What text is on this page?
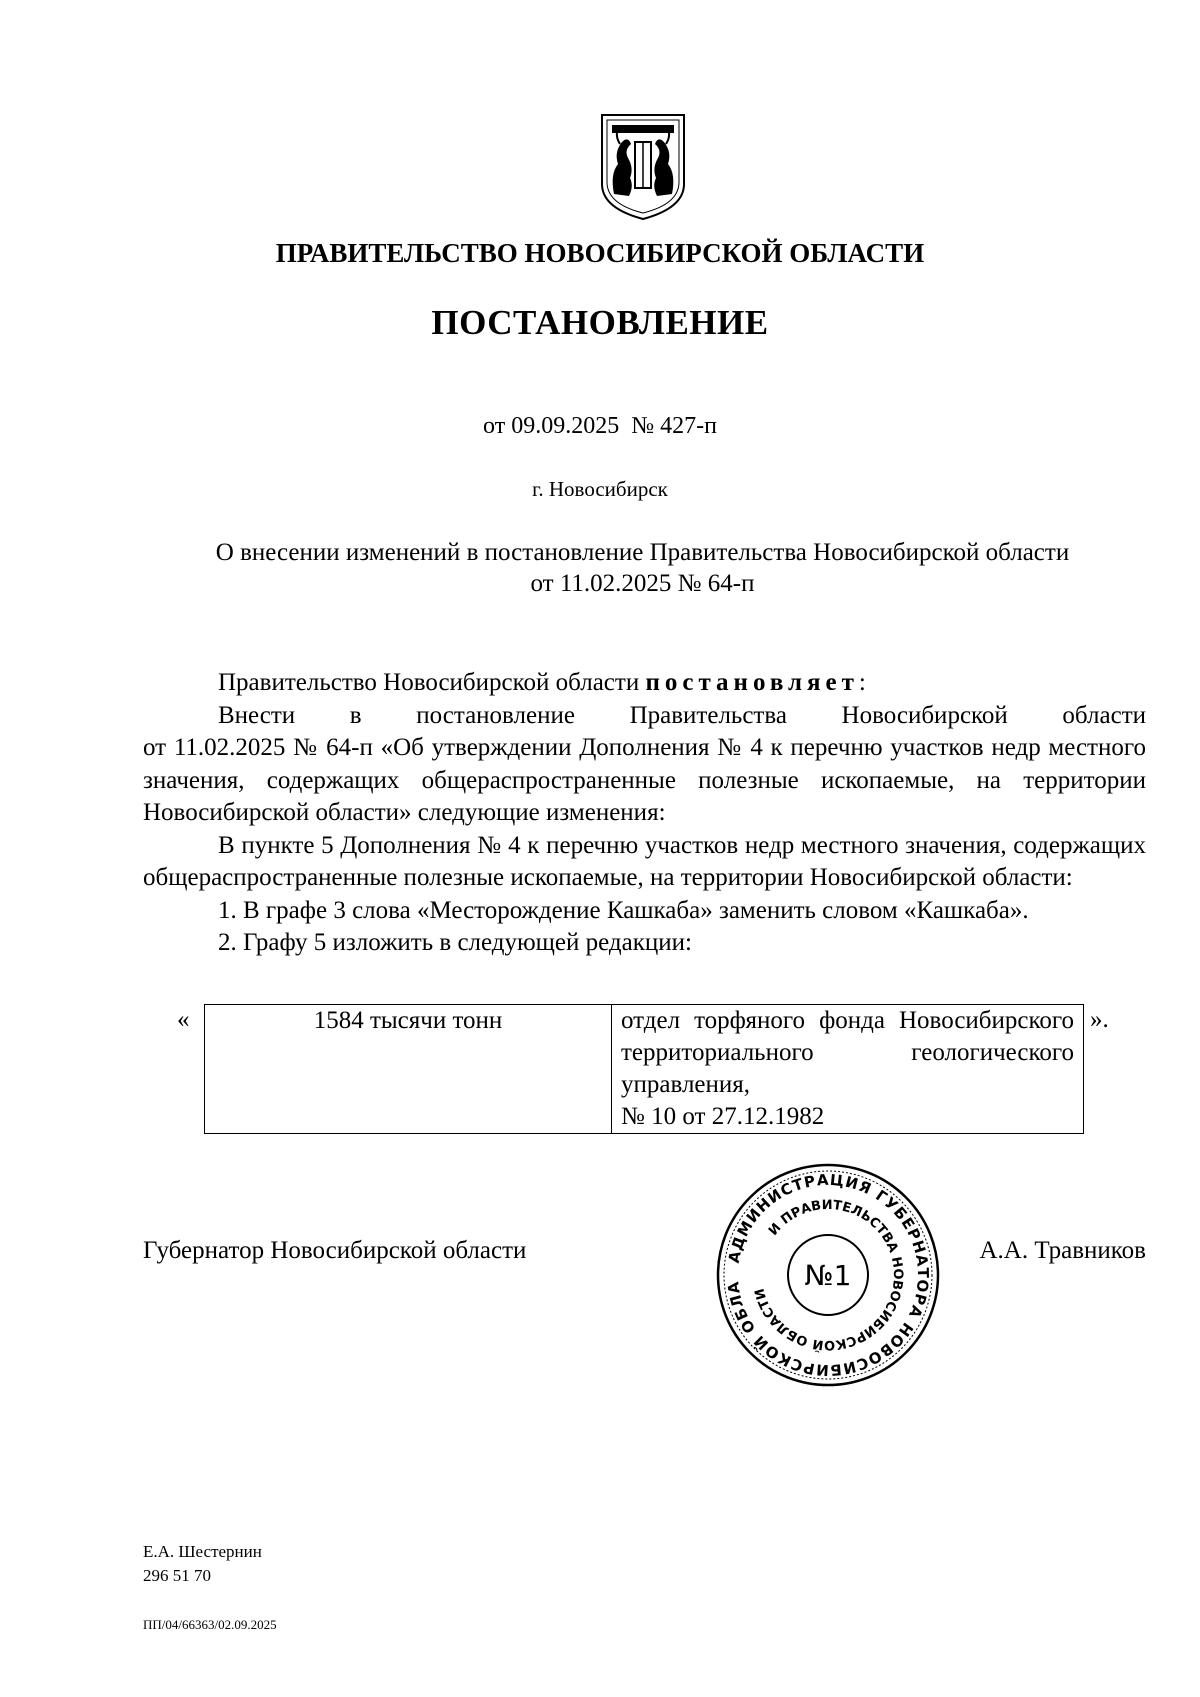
ПРАВИТЕЛЬСТВО НОВОСИБИРСКОЙ ОБЛАСТИ
ПОСТАНОВЛЕНИЕ
от 09.09.2025 № 427-п
г. Новосибирск
О внесении изменений в постановление Правительства Новосибирской области
от 11.02.2025 № 64-п

Правительство Новосибирской области постановляет:

Внести в постановление Правительства Новосибирской области

от 11.02.2025 № 64-п «Об утверждении Дополнения № 4 к перечню участков недр местного значения, содержащих общераспространенные полезные ископаемые, на территории Новосибирской области» следующие изменения:

В пункте 5 Дополнения № 4 к перечню участков недр местного значения, содержащих общераспространенные полезные ископаемые, на территории Новосибирской области:

1. В графе 3 слова «Месторождение Кашкаба» заменить словом «Кашкаба».

2. Графу 5 изложить в следующей редакции:

«	1584 тысячи тонн	отдел торфяного фонда Новосибирского территориального геологического управления,
№ 10 от 27.12.1982
».
Губернатор Новосибирской области	А.А. Травников
АДМИНИСТРАЦИЯ ГУБЕРНАТОРА НОВОСИБИРСКОЙ ОБЛА
И ПРАВИТЕЛЬСТВА НОВОСИБИРСКОЙ ОБЛАСТИ
№1
Е.А. Шестернин
296 51 70
ПП/04/66363/02.09.2025
